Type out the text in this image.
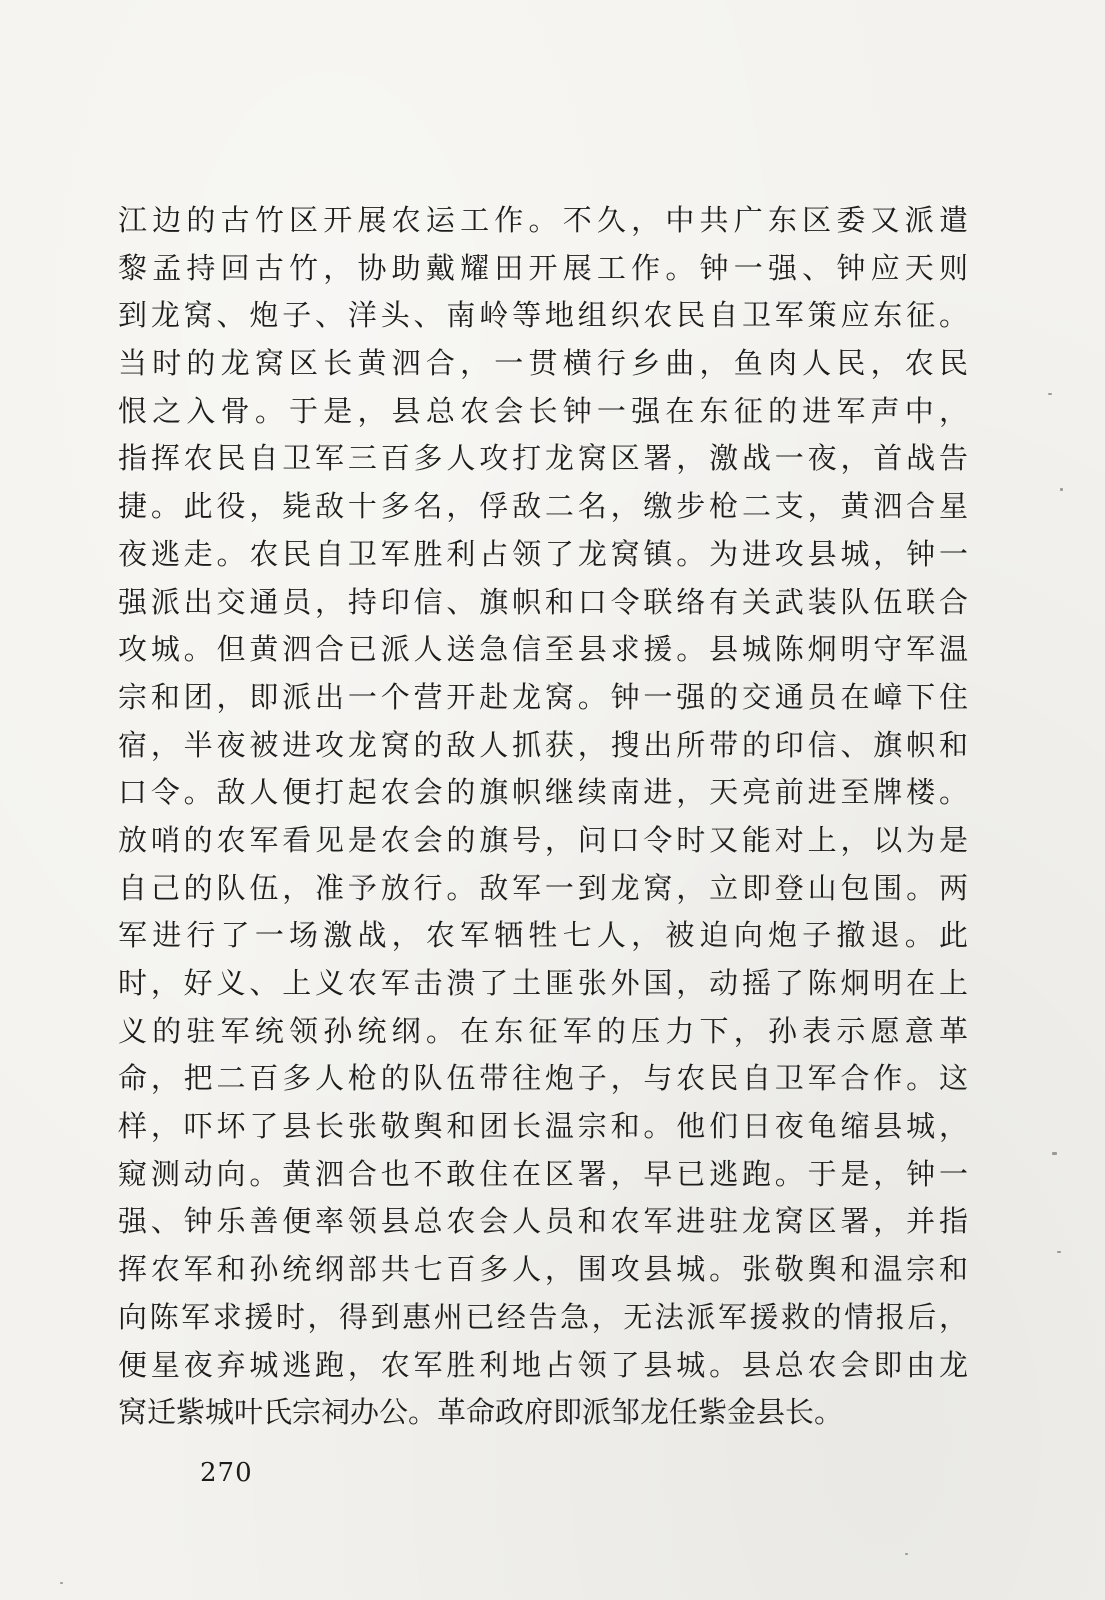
江边的古竹区开展农运工作。不久，中共广东区委又派遣
黎孟持回古竹，协助戴耀田开展工作。钟一强、钟应天则
到龙窝、炮子、洋头、南岭等地组织农民自卫军策应东征。
当时的龙窝区长黄泗合，一贯横行乡曲，鱼肉人民，农民
恨之入骨。于是，县总农会长钟一强在东征的进军声中，
指挥农民自卫军三百多人攻打龙窝区署，激战一夜，首战告
捷。此役，毙敌十多名，俘敌二名，缴步枪二支，黄泗合星
夜逃走。农民自卫军胜利占领了龙窝镇。为进攻县城，钟一
强派出交通员，持印信、旗帜和口令联络有关武装队伍联合
攻城。但黄泗合已派人送急信至县求援。县城陈炯明守军温
宗和团，即派出一个营开赴龙窝。钟一强的交通员在嶂下住
宿，半夜被进攻龙窝的敌人抓获，搜出所带的印信、旗帜和
口令。敌人便打起农会的旗帜继续南进，天亮前进至牌楼。
放哨的农军看见是农会的旗号，问口令时又能对上，以为是
自己的队伍，准予放行。敌军一到龙窝，立即登山包围。两
军进行了一场激战，农军牺牲七人，被迫向炮子撤退。此
时，好义、上义农军击溃了土匪张外国，动摇了陈炯明在上
义的驻军统领孙统纲。在东征军的压力下，孙表示愿意革
命，把二百多人枪的队伍带往炮子，与农民自卫军合作。这
样，吓坏了县长张敬舆和团长温宗和。他们日夜龟缩县城，
窥测动向。黄泗合也不敢住在区署，早已逃跑。于是，钟一
强、钟乐善便率领县总农会人员和农军进驻龙窝区署，并指
挥农军和孙统纲部共七百多人，围攻县城。张敬舆和温宗和
向陈军求援时，得到惠州已经告急，无法派军援救的情报后，
便星夜弃城逃跑，农军胜利地占领了县城。县总农会即由龙
窝迁紫城叶氏宗祠办公。革命政府即派邹龙任紫金县长。
270
